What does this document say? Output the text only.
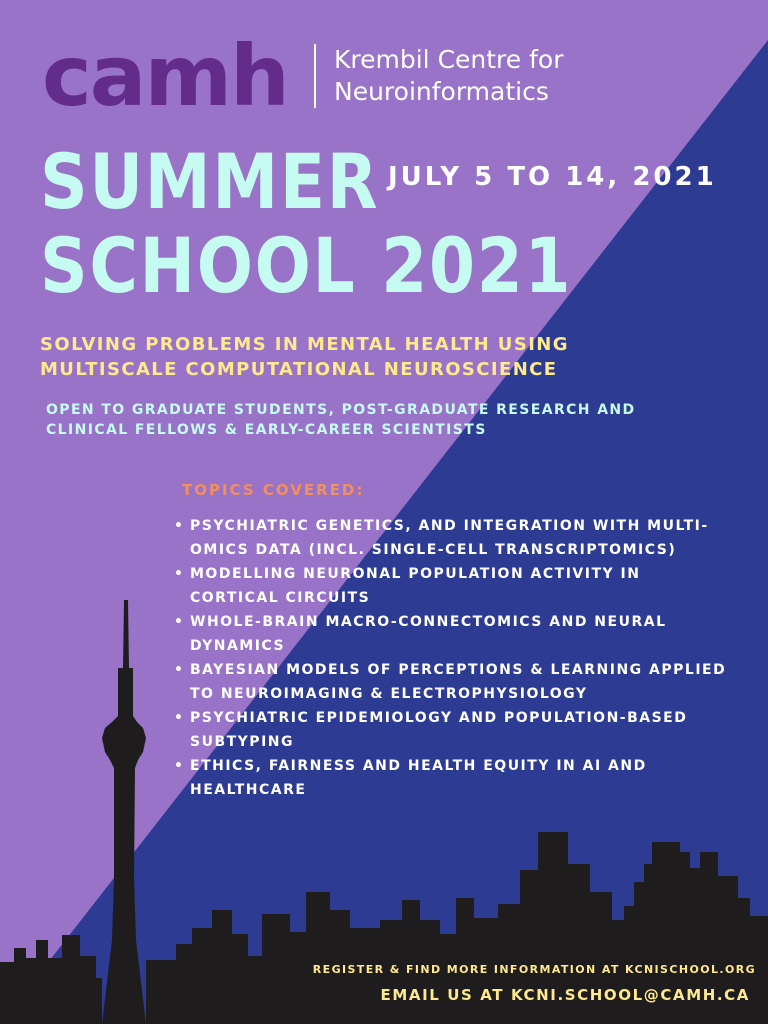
camh Krembil Centre for
Neuroinformatics
SUMMER
SCHOOL 2021
JULY 5 TO 14, 2021
SOLVING PROBLEMS IN MENTAL HEALTH USING
MULTISCALE COMPUTATIONAL NEUROSCIENCE
OPEN TO GRADUATE STUDENTS, POST-GRADUATE RESEARCH AND CLINICAL FELLOWS & EARLY-CAREER SCIENTISTS
TOPICS COVERED:
• PSYCHIATRIC GENETICS, AND INTEGRATION WITH MULTI-OMICS DATA (INCL. SINGLE-CELL TRANSCRIPTOMICS)
• MODELLING NEURONAL POPULATION ACTIVITY IN CORTICAL CIRCUITS
• WHOLE-BRAIN MACRO-CONNECTOMICS AND NEURAL DYNAMICS
• BAYESIAN MODELS OF PERCEPTIONS & LEARNING APPLIED TO NEUROIMAGING & ELECTROPHYSIOLOGY
• PSYCHIATRIC EPIDEMIOLOGY AND POPULATION-BASED SUBTYPING
• ETHICS, FAIRNESS AND HEALTH EQUITY IN AI AND HEALTHCARE
REGISTER & FIND MORE INFORMATION AT KCNISCHOOL.ORG
EMAIL US AT KCNI.SCHOOL@CAMH.CA
